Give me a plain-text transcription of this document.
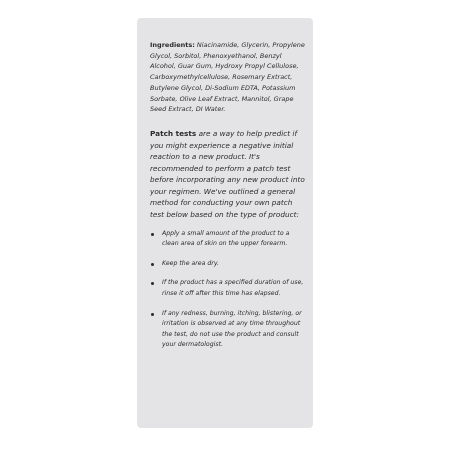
Ingredients: Niacinamide, Glycerin, Propylene Glycol, Sorbitol, Phenoxyethanol, Benzyl Alcohol, Guar Gum, Hydroxy Propyl Cellulose, Carboxymethylcellulose, Rosemary Extract, Butylene Glycol, Di-Sodium EDTA, Potassium Sorbate, Olive Leaf Extract, Mannitol, Grape Seed Extract, DI Water.

Patch tests are a way to help predict if you might experience a negative initial reaction to a new product. It's recommended to perform a patch test before incorporating any new product into your regimen. We've outlined a general method for conducting your own patch test below based on the type of product:

Apply a small amount of the product to a clean area of skin on the upper forearm.
Keep the area dry.
If the product has a specified duration of use, rinse it off after this time has elapsed.
If any redness, burning, itching, blistering, or irritation is observed at any time throughout the test, do not use the product and consult your dermatologist.
